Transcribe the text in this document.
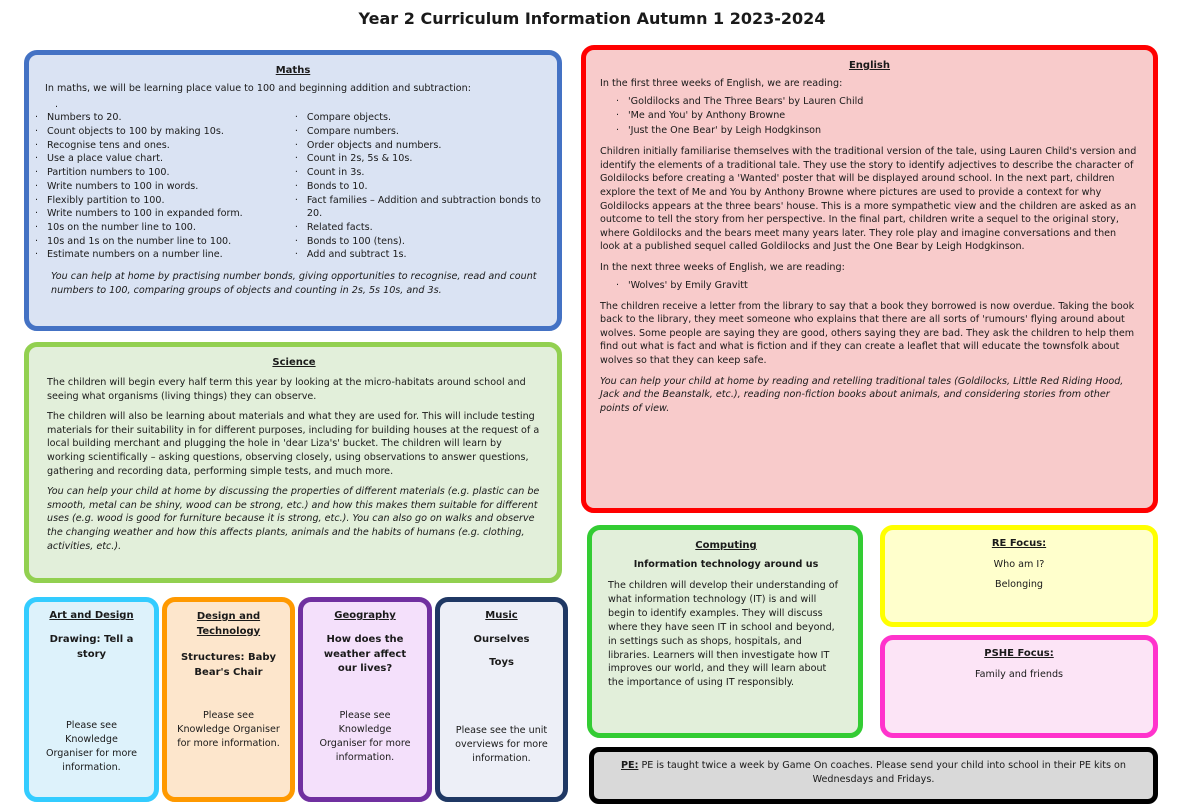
Year 2 Curriculum Information Autumn 1 2023-2024
Maths
In maths, we will be learning place value to 100 and beginning addition and subtraction:
.
· Numbers to 20.
· Count objects to 100 by making 10s.
· Recognise tens and ones.
· Use a place value chart.
· Partition numbers to 100.
· Write numbers to 100 in words.
· Flexibly partition to 100.
· Write numbers to 100 in expanded form.
· 10s on the number line to 100.
· 10s and 1s on the number line to 100.
· Estimate numbers on a number line.
· Compare objects.
· Compare numbers.
· Order objects and numbers.
· Count in 2s, 5s & 10s.
· Count in 3s.
· Bonds to 10.
· Fact families – Addition and subtraction bonds to 20.
· Related facts.
· Bonds to 100 (tens).
· Add and subtract 1s.
You can help at home by practising number bonds, giving opportunities to recognise, read and count numbers to 100, comparing groups of objects and counting in 2s, 5s 10s, and 3s.
Science
The children will begin every half term this year by looking at the micro-habitats around school and seeing what organisms (living things) they can observe.
The children will also be learning about materials and what they are used for. This will include testing materials for their suitability in for different purposes, including for building houses at the request of a local building merchant and plugging the hole in 'dear Liza's' bucket. The children will learn by working scientifically – asking questions, observing closely, using observations to answer questions, gathering and recording data, performing simple tests, and much more.
You can help your child at home by discussing the properties of different materials (e.g. plastic can be smooth, metal can be shiny, wood can be strong, etc.) and how this makes them suitable for different uses (e.g. wood is good for furniture because it is strong, etc.). You can also go on walks and observe the changing weather and how this affects plants, animals and the habits of humans (e.g. clothing, activities, etc.).
English
In the first three weeks of English, we are reading:
· 'Goldilocks and The Three Bears' by Lauren Child
· 'Me and You' by Anthony Browne
· 'Just the One Bear' by Leigh Hodgkinson
Children initially familiarise themselves with the traditional version of the tale, using Lauren Child's version and identify the elements of a traditional tale. They use the story to identify adjectives to describe the character of Goldilocks before creating a 'Wanted' poster that will be displayed around school. In the next part, children explore the text of Me and You by Anthony Browne where pictures are used to provide a context for why Goldilocks appears at the three bears' house. This is a more sympathetic view and the children are asked as an outcome to tell the story from her perspective. In the final part, children write a sequel to the original story, where Goldilocks and the bears meet many years later. They role play and imagine conversations and then look at a published sequel called Goldilocks and Just the One Bear by Leigh Hodgkinson.
In the next three weeks of English, we are reading:
· 'Wolves' by Emily Gravitt
The children receive a letter from the library to say that a book they borrowed is now overdue. Taking the book back to the library, they meet someone who explains that there are all sorts of 'rumours' flying around about wolves. Some people are saying they are good, others saying they are bad. They ask the children to help them find out what is fact and what is fiction and if they can create a leaflet that will educate the townsfolk about wolves so that they can keep safe.
You can help your child at home by reading and retelling traditional tales (Goldilocks, Little Red Riding Hood, Jack and the Beanstalk, etc.), reading non-fiction books about animals, and considering stories from other points of view.
Computing
Information technology around us
The children will develop their understanding of what information technology (IT) is and will begin to identify examples. They will discuss where they have seen IT in school and beyond, in settings such as shops, hospitals, and libraries. Learners will then investigate how IT improves our world, and they will learn about the importance of using IT responsibly.
RE Focus:
Who am I?
Belonging
PSHE Focus:
Family and friends
PE: PE is taught twice a week by Game On coaches. Please send your child into school in their PE kits on Wednesdays and Fridays.
Art and Design
Drawing: Tell a story
Please see Knowledge Organiser for more information.
Design and Technology
Structures: Baby Bear's Chair
Please see Knowledge Organiser for more information.
Geography
How does the weather affect our lives?
Please see Knowledge Organiser for more information.
Music
Ourselves
Toys
Please see the unit overviews for more information.
